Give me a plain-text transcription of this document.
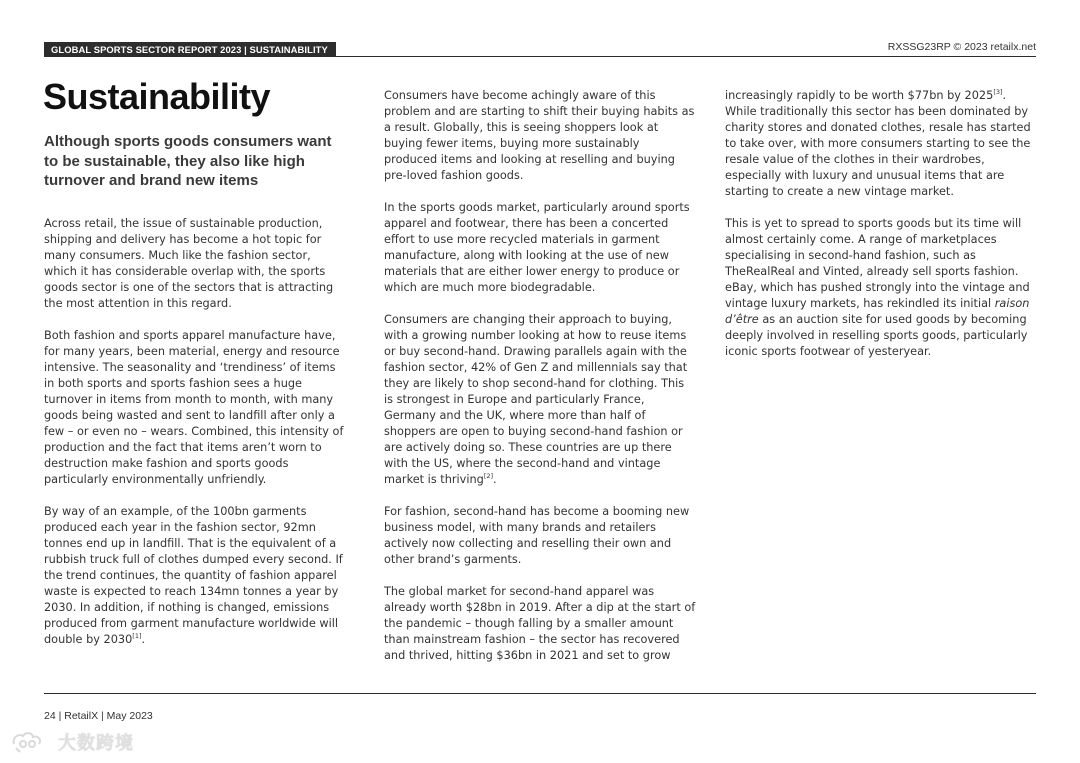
GLOBAL SPORTS SECTOR REPORT 2023 | SUSTAINABILITY	RXSSG23RP © 2023 retailx.net
Sustainability
Although sports goods consumers want to be sustainable, they also like high turnover and brand new items

Across retail, the issue of sustainable production, shipping and delivery has become a hot topic for many consumers. Much like the fashion sector, which it has considerable overlap with, the sports goods sector is one of the sectors that is attracting the most attention in this regard.

Both fashion and sports apparel manufacture have, for many years, been material, energy and resource intensive. The seasonality and ‘trendiness’ of items in both sports and sports fashion sees a huge turnover in items from month to month, with many goods being wasted and sent to landfill after only a few – or even no – wears. Combined, this intensity of production and the fact that items aren’t worn to destruction make fashion and sports goods particularly environmentally unfriendly.

By way of an example, of the 100bn garments produced each year in the fashion sector, 92mn tonnes end up in landfill. That is the equivalent of a rubbish truck full of clothes dumped every second. If the trend continues, the quantity of fashion apparel waste is expected to reach 134mn tonnes a year by 2030. In addition, if nothing is changed, emissions produced from garment manufacture worldwide will double by 2030[1].

Consumers have become achingly aware of this problem and are starting to shift their buying habits as a result. Globally, this is seeing shoppers look at buying fewer items, buying more sustainably produced items and looking at reselling and buying pre-loved fashion goods.

In the sports goods market, particularly around sports apparel and footwear, there has been a concerted effort to use more recycled materials in garment manufacture, along with looking at the use of new materials that are either lower energy to produce or which are much more biodegradable.

Consumers are changing their approach to buying, with a growing number looking at how to reuse items or buy second-hand. Drawing parallels again with the fashion sector, 42% of Gen Z and millennials say that they are likely to shop second-hand for clothing. This is strongest in Europe and particularly France, Germany and the UK, where more than half of shoppers are open to buying second-hand fashion or are actively doing so. These countries are up there with the US, where the second-hand and vintage market is thriving[2].

For fashion, second-hand has become a booming new business model, with many brands and retailers actively now collecting and reselling their own and other brand’s garments.

The global market for second-hand apparel was already worth $28bn in 2019. After a dip at the start of the pandemic – though falling by a smaller amount than mainstream fashion – the sector has recovered and thrived, hitting $36bn in 2021 and set to grow

increasingly rapidly to be worth $77bn by 2025[3]. While traditionally this sector has been dominated by charity stores and donated clothes, resale has started to take over, with more consumers starting to see the resale value of the clothes in their wardrobes, especially with luxury and unusual items that are starting to create a new vintage market.

This is yet to spread to sports goods but its time will almost certainly come. A range of marketplaces specialising in second-hand fashion, such as TheRealReal and Vinted, already sell sports fashion. eBay, which has pushed strongly into the vintage and vintage luxury markets, has rekindled its initial raison d’être as an auction site for used goods by becoming deeply involved in reselling sports goods, particularly iconic sports footwear of yesteryear.

24 | RetailX | May 2023
大数跨境
